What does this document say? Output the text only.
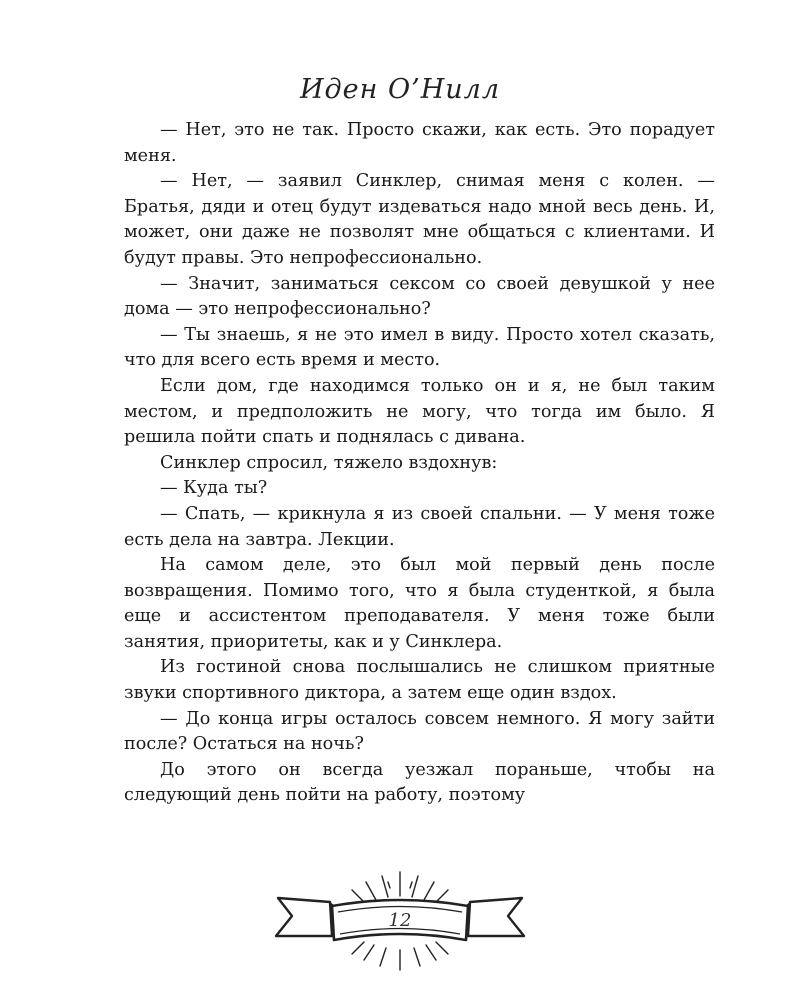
Иден О’Нилл

— Нет, это не так. Просто скажи, как есть. Это порадует меня.

— Нет, — заявил Синклер, снимая меня с колен. — Братья, дяди и отец будут издеваться надо мной весь день. И, может, они даже не позволят мне общаться с клиентами. И будут правы. Это непрофессионально.

— Значит, заниматься сексом со своей девушкой у нее дома — это непрофессионально?

— Ты знаешь, я не это имел в виду. Просто хотел сказать, что для всего есть время и место.

Если дом, где находимся только он и я, не был таким местом, и предположить не могу, что тогда им было. Я решила пойти спать и поднялась с дивана.

Синклер спросил, тяжело вздохнув:

— Куда ты?

— Спать, — крикнула я из своей спальни. — У меня тоже есть дела на завтра. Лекции.

На самом деле, это был мой первый день после возвращения. Помимо того, что я была студенткой, я была еще и ассистентом преподавателя. У меня тоже были занятия, приоритеты, как и у Синклера.

Из гостиной снова послышались не слишком приятные звуки спортивного диктора, а затем еще один вздох.

— До конца игры осталось совсем немного. Я могу зайти после? Остаться на ночь?

До этого он всегда уезжал пораньше, чтобы на следующий день пойти на работу, поэтому

12
